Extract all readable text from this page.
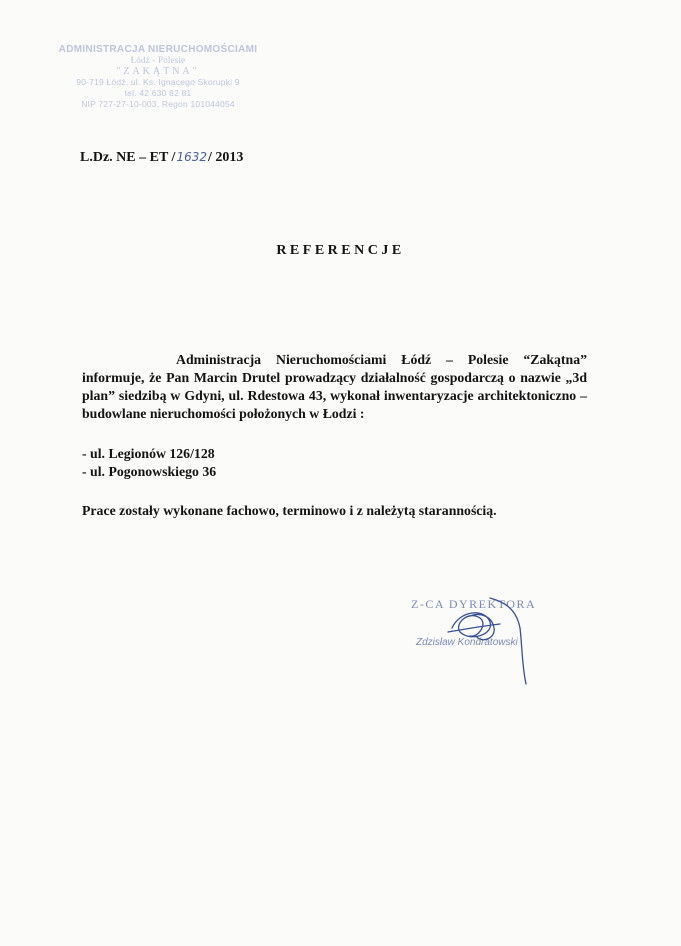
ADMINISTRACJA NIERUCHOMOŚCIAMI
Łódź - Polesie
"ZAKĄTNA"
90-719 Łódź, ul. Ks. Ignacego Skorupki 9
tel. 42 630 82 81
NIP 727-27-10-003, Regon 101044054
L.Dz. NE – ET /1632/ 2013
REFERENCJE
Administracja Nieruchomościami Łódź – Polesie “Zakątna” informuje, że Pan Marcin Drutel prowadzący działalność gospodarczą o nazwie „3d plan” siedzibą w Gdyni, ul. Rdestowa 43, wykonał inwentaryzacje architektoniczno – budowlane nieruchomości położonych w Łodzi :
- ul. Legionów 126/128
- ul. Pogonowskiego 36
Prace zostały wykonane fachowo, terminowo i z należytą starannością.
Z-CA DYREKTORA
Zdzisław Kondratowski
